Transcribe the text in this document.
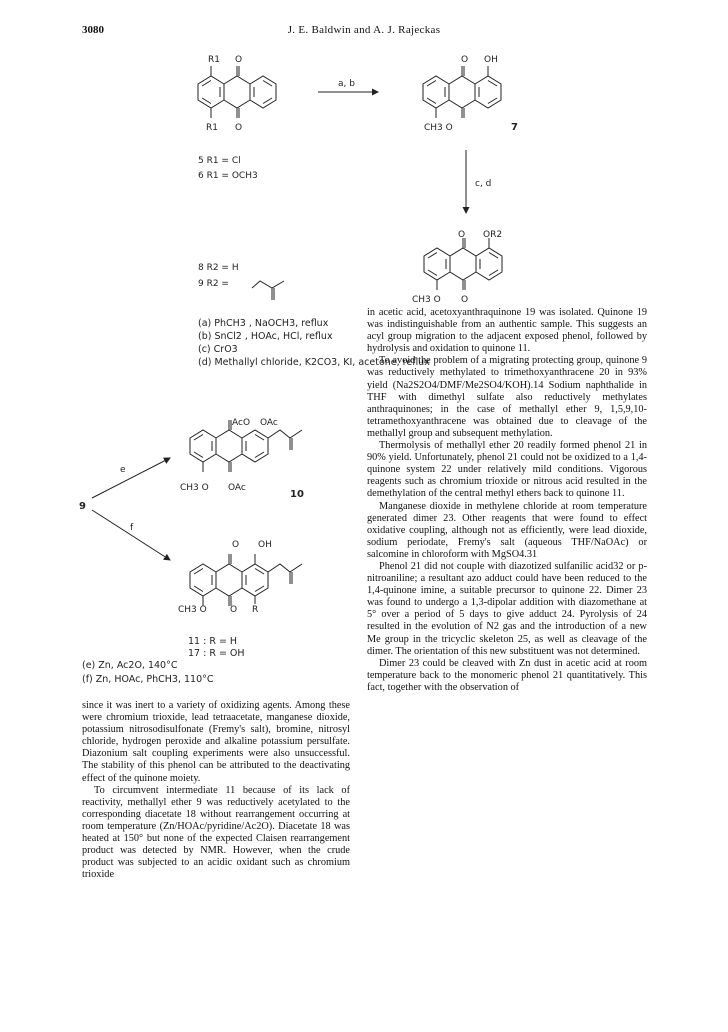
3080	J. E. Baldwin and A. J. Rajeckas
O
R1
R1 O
a, b
O OH
CH3 O	7
5 R1 = Cl
6 R1 = OCH3
c, d
O OR2
CH3 O O
8 R2 = H
9 R2 =
9
e
f
AcO OAc
CH3 O OAc
10
O OH
CH3 O	O R
(a) PhCH3 , NaOCH3, reflux
(b) SnCl2 , HOAc, HCl, reflux
(c) CrO3
(d) Methallyl chloride, K2CO3, KI, acetone, reflux
11 : R = H
17 : R = OH
(e) Zn, Ac2O, 140°C
(f) Zn, HOAc, PhCH3, 110°C

since it was inert to a variety of oxidizing agents. Among these were chromium trioxide, lead tetraacetate, manganese dioxide, potassium nitrosodisulfonate (Fremy's salt), bromine, nitrosyl chloride, hydrogen peroxide and alkaline potassium persulfate. Diazonium salt coupling experiments were also unsuccessful. The stability of this phenol can be attributed to the deactivating effect of the quinone moiety.

To circumvent intermediate 11 because of its lack of reactivity, methallyl ether 9 was reductively acetylated to the corresponding diacetate 18 without rearrangement occurring at room temperature (Zn/HOAc/pyridine/Ac2O). Diacetate 18 was heated at 150° but none of the expected Claisen rearrangement product was detected by NMR. However, when the crude product was subjected to an acidic oxidant such as chromium trioxide

in acetic acid, acetoxyanthraquinone 19 was isolated. Quinone 19 was indistinguishable from an authentic sample. This suggests an acyl group migration to the adjacent exposed phenol, followed by hydrolysis and oxidation to quinone 11.

To avoid the problem of a migrating protecting group, quinone 9 was reductively methylated to trimethoxyanthracene 20 in 93% yield (Na2S2O4/DMF/Me2SO4/KOH).14 Sodium naphthalide in THF with dimethyl sulfate also reductively methylates anthraquinones; in the case of methallyl ether 9, 1,5,9,10-tetramethoxyanthracene was obtained due to cleavage of the methallyl group and subsequent methylation.

Thermolysis of methallyl ether 20 readily formed phenol 21 in 90% yield. Unfortunately, phenol 21 could not be oxidized to a 1,4-quinone system 22 under relatively mild conditions. Vigorous reagents such as chromium trioxide or nitrous acid resulted in the demethylation of the central methyl ethers back to quinone 11.

Manganese dioxide in methylene chloride at room temperature generated dimer 23. Other reagents that were found to effect oxidative coupling, although not as efficiently, were lead dioxide, sodium periodate, Fremy's salt (aqueous THF/NaOAc) or salcomine in chloroform with MgSO4.31

Phenol 21 did not couple with diazotized sulfanilic acid32 or p-nitroaniline; a resultant azo adduct could have been reduced to the 1,4-quinone imine, a suitable precursor to quinone 22. Dimer 23 was found to undergo a 1,3-dipolar addition with diazomethane at 5° over a period of 5 days to give adduct 24. Pyrolysis of 24 resulted in the evolution of N2 gas and the introduction of a new Me group in the tricyclic skeleton 25, as well as cleavage of the dimer. The orientation of this new substituent was not determined.

Dimer 23 could be cleaved with Zn dust in acetic acid at room temperature back to the monomeric phenol 21 quantitatively. This fact, together with the observation of
